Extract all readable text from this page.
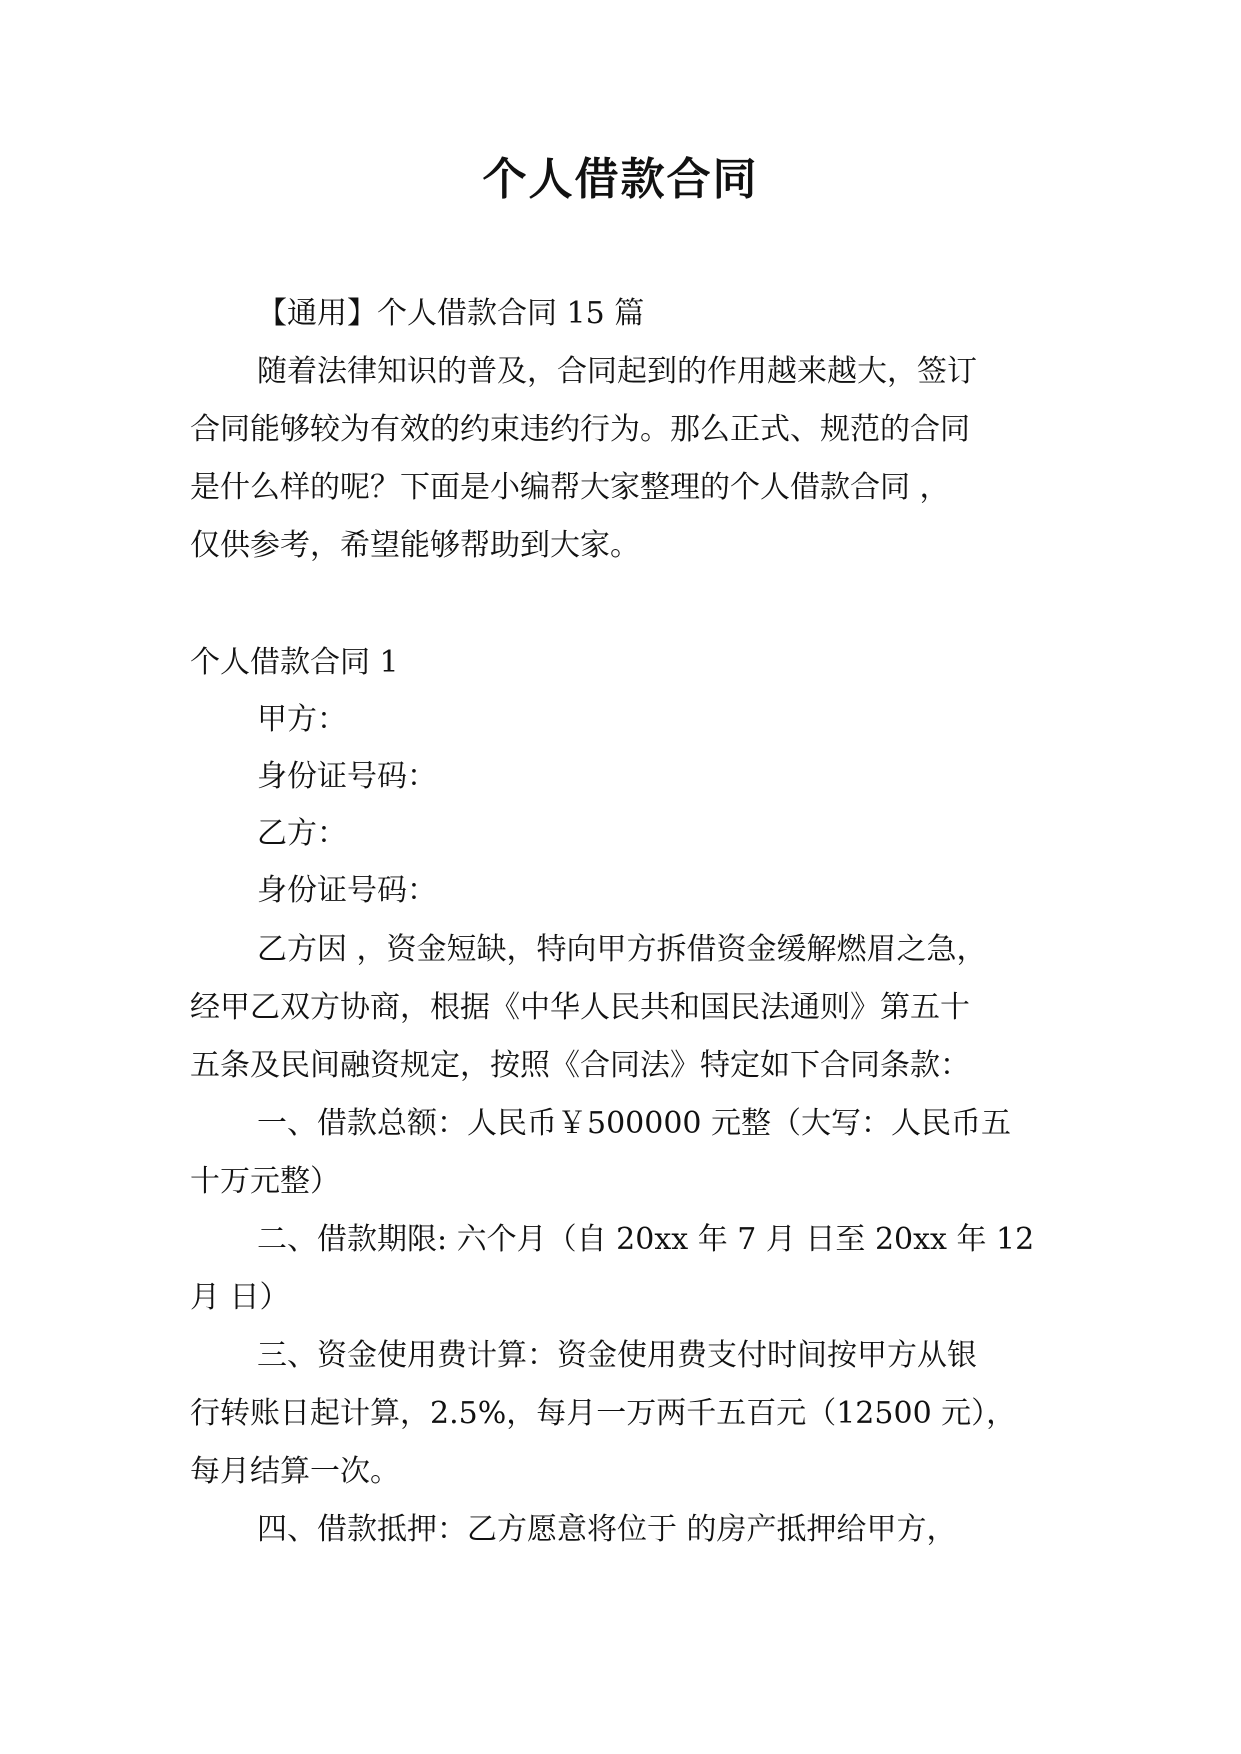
个人借款合同
【通用】个人借款合同 15 篇
随着法律知识的普及，合同起到的作用越来越大，签订
合同能够较为有效的约束违约行为。那么正式、规范的合同
是什么样的呢？下面是小编帮大家整理的个人借款合同 ，
仅供参考，希望能够帮助到大家。
个人借款合同 1
甲方：
身份证号码：
乙方：
身份证号码：
乙方因 ，资金短缺，特向甲方拆借资金缓解燃眉之急，
经甲乙双方协商，根据《中华人民共和国民法通则》第五十
五条及民间融资规定，按照《合同法》特定如下合同条款：
一、借款总额：人民币￥500000 元整（大写：人民币五
十万元整）
二、借款期限: 六个月（自 20xx 年 7 月 日至 20xx 年 12
月 日）
三、资金使用费计算：资金使用费支付时间按甲方从银
行转账日起计算，2.5%，每月一万两千五百元（12500 元），
每月结算一次。
四、借款抵押：乙方愿意将位于 的房产抵押给甲方，
